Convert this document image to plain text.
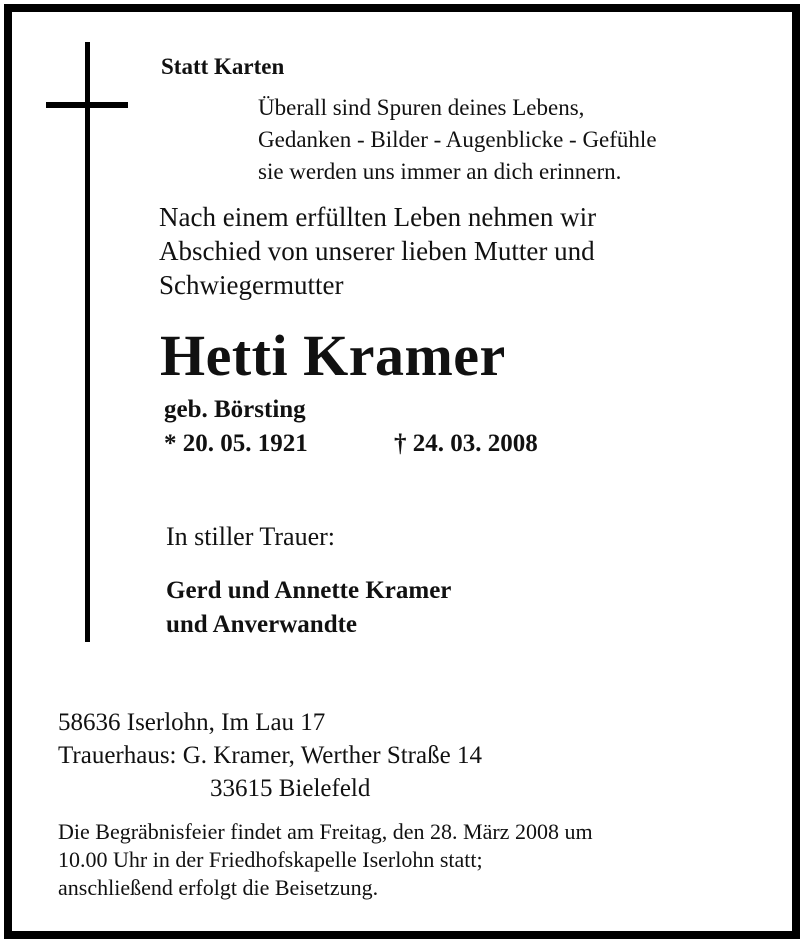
Statt Karten

Überall sind Spuren deines Lebens,
Gedanken - Bilder - Augenblicke - Gefühle
sie werden uns immer an dich erinnern.
Nach einem erfüllten Leben nehmen wir
Abschied von unserer lieben Mutter und
Schwiegermutter
Hetti Kramer

geb. Börsting

* 20. 05. 1921	† 24. 03. 2008

In stiller Trauer:

Gerd und Annette Kramer
und Anverwandte
58636 Iserlohn, Im Lau 17
Trauerhaus: G. Kramer, Werther Straße 14
33615 Bielefeld
Die Begräbnisfeier findet am Freitag, den 28. März 2008 um
10.00 Uhr in der Friedhofskapelle Iserlohn statt;
anschließend erfolgt die Beisetzung.
